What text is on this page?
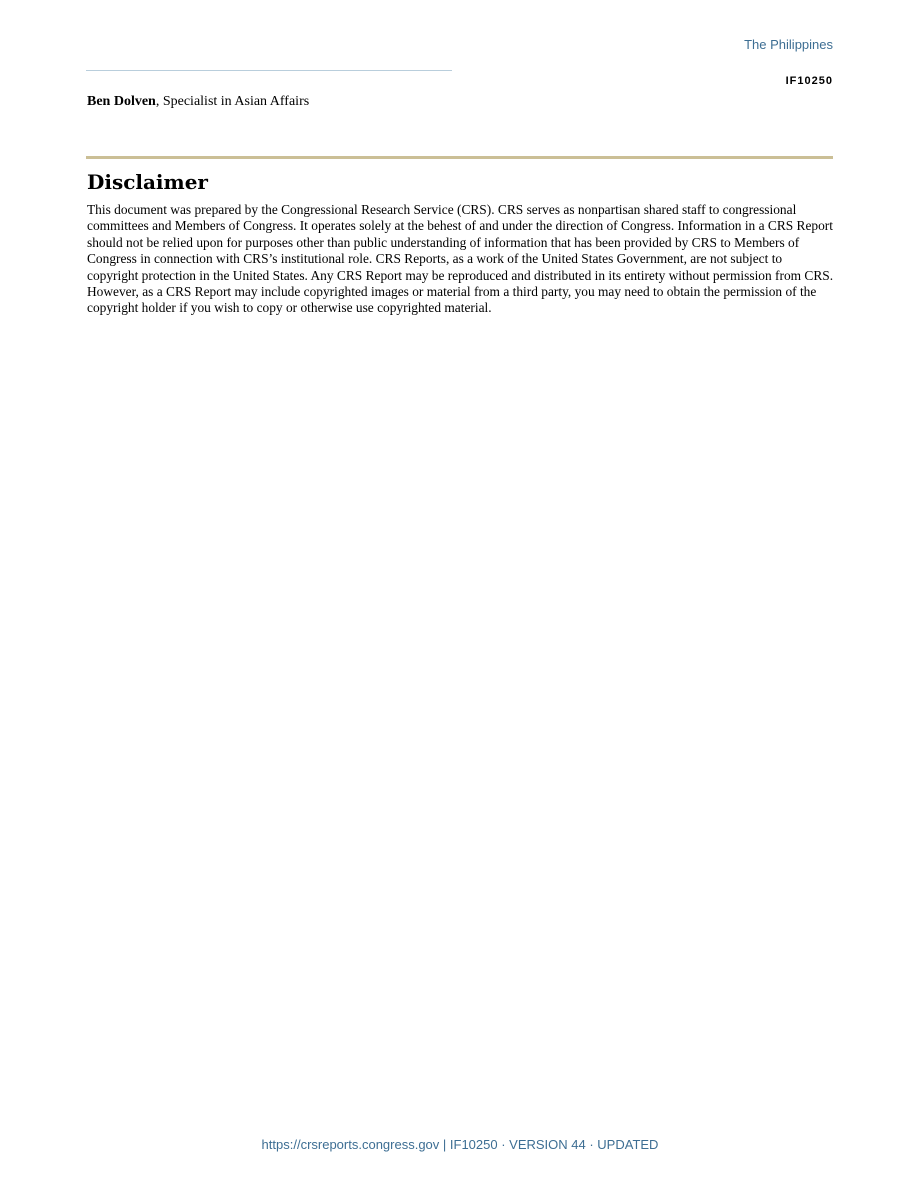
The Philippines
IF10250
Ben Dolven, Specialist in Asian Affairs
Disclaimer

This document was prepared by the Congressional Research Service (CRS). CRS serves as nonpartisan shared staff to congressional committees and Members of Congress. It operates solely at the behest of and under the direction of Congress. Information in a CRS Report should not be relied upon for purposes other than public understanding of information that has been provided by CRS to Members of Congress in connection with CRS’s institutional role. CRS Reports, as a work of the United States Government, are not subject to copyright protection in the United States. Any CRS Report may be reproduced and distributed in its entirety without permission from CRS. However, as a CRS Report may include copyrighted images or material from a third party, you may need to obtain the permission of the copyright holder if you wish to copy or otherwise use copyrighted material.

https://crsreports.congress.gov | IF10250 · VERSION 44 · UPDATED
